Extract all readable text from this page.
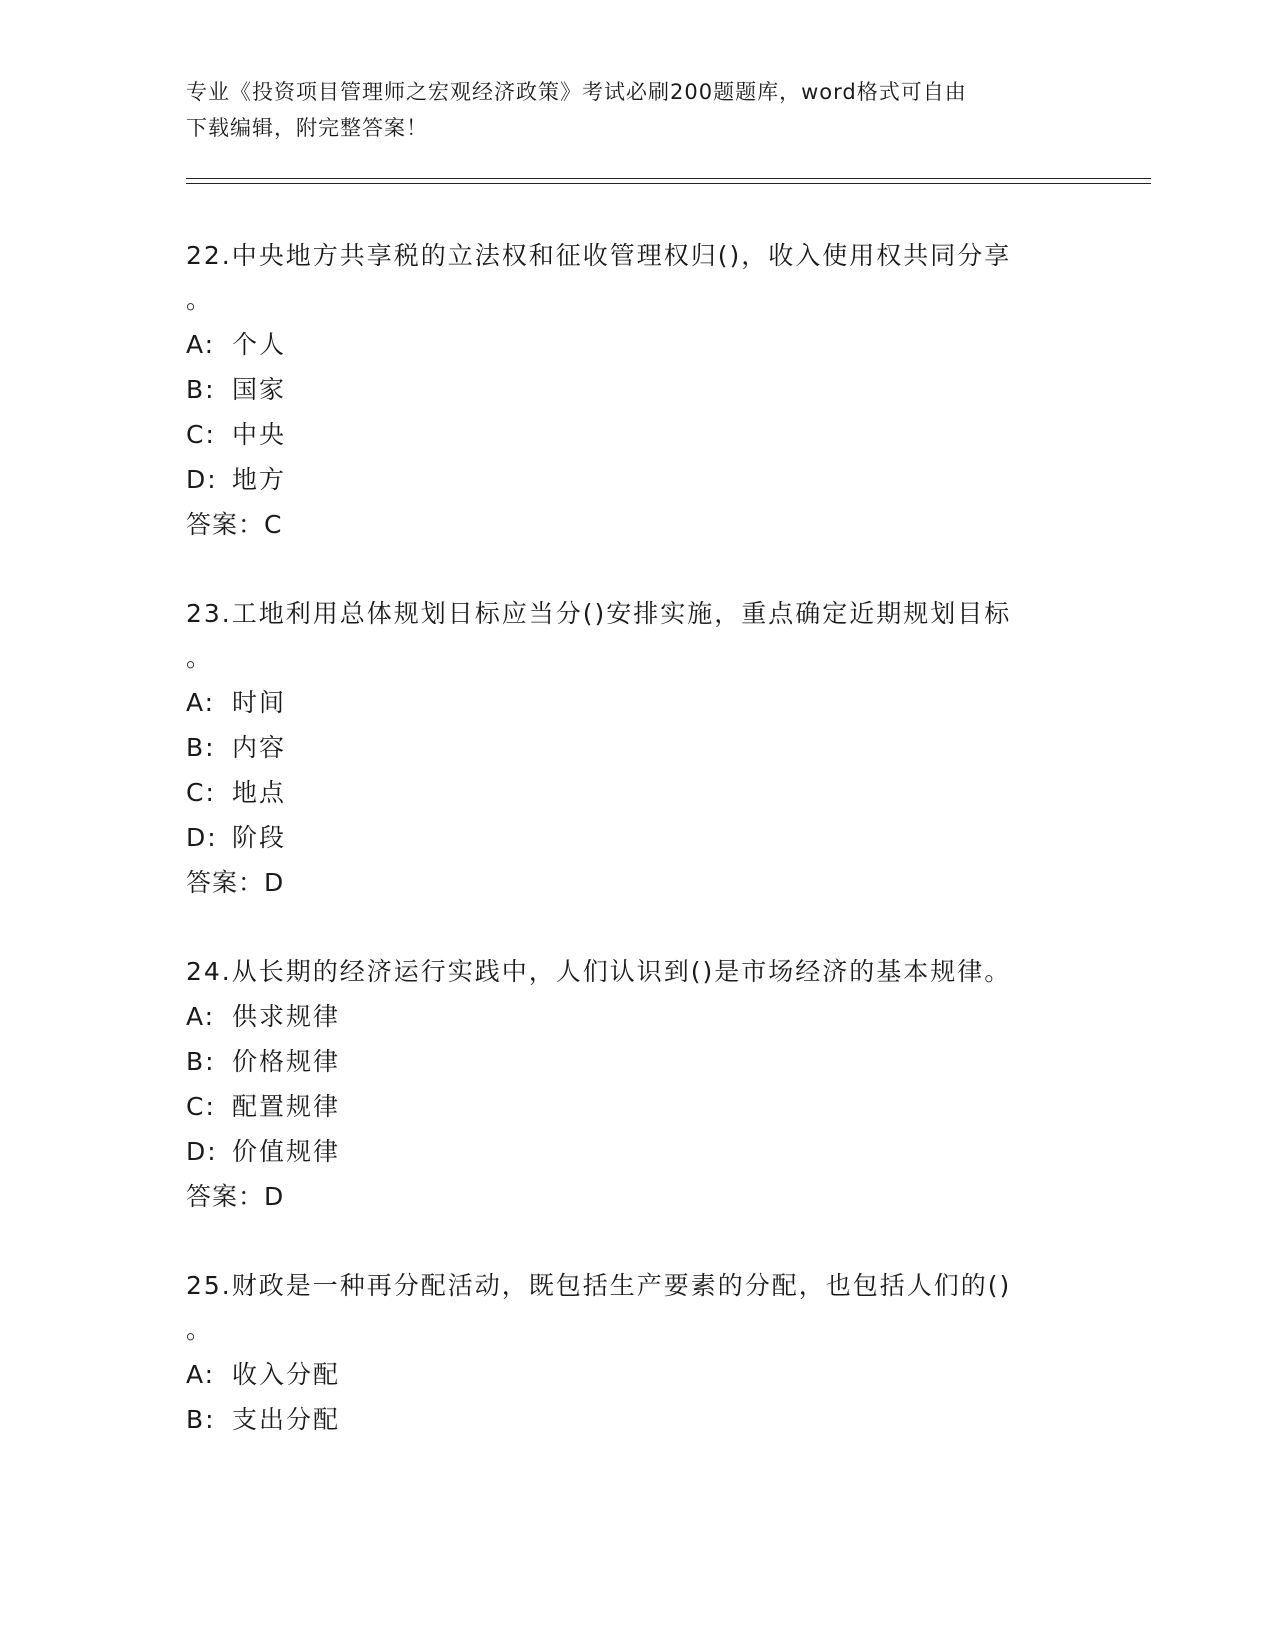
专业《投资项目管理师之宏观经济政策》考试必刷200题题库，word格式可自由
下载编辑，附完整答案！
22.中央地方共享税的立法权和征收管理权归()，收入使用权共同分享
。
A: 个人
B: 国家
C: 中央
D: 地方
答案：C
23.工地利用总体规划日标应当分()安排实施，重点确定近期规划目标
。
A: 时间
B: 内容
C: 地点
D: 阶段
答案：D
24.从长期的经济运行实践中，人们认识到()是市场经济的基本规律。
A: 供求规律
B: 价格规律
C: 配置规律
D: 价值规律
答案：D
25.财政是一种再分配活动，既包括生产要素的分配，也包括人们的()
。
A: 收入分配
B: 支出分配
